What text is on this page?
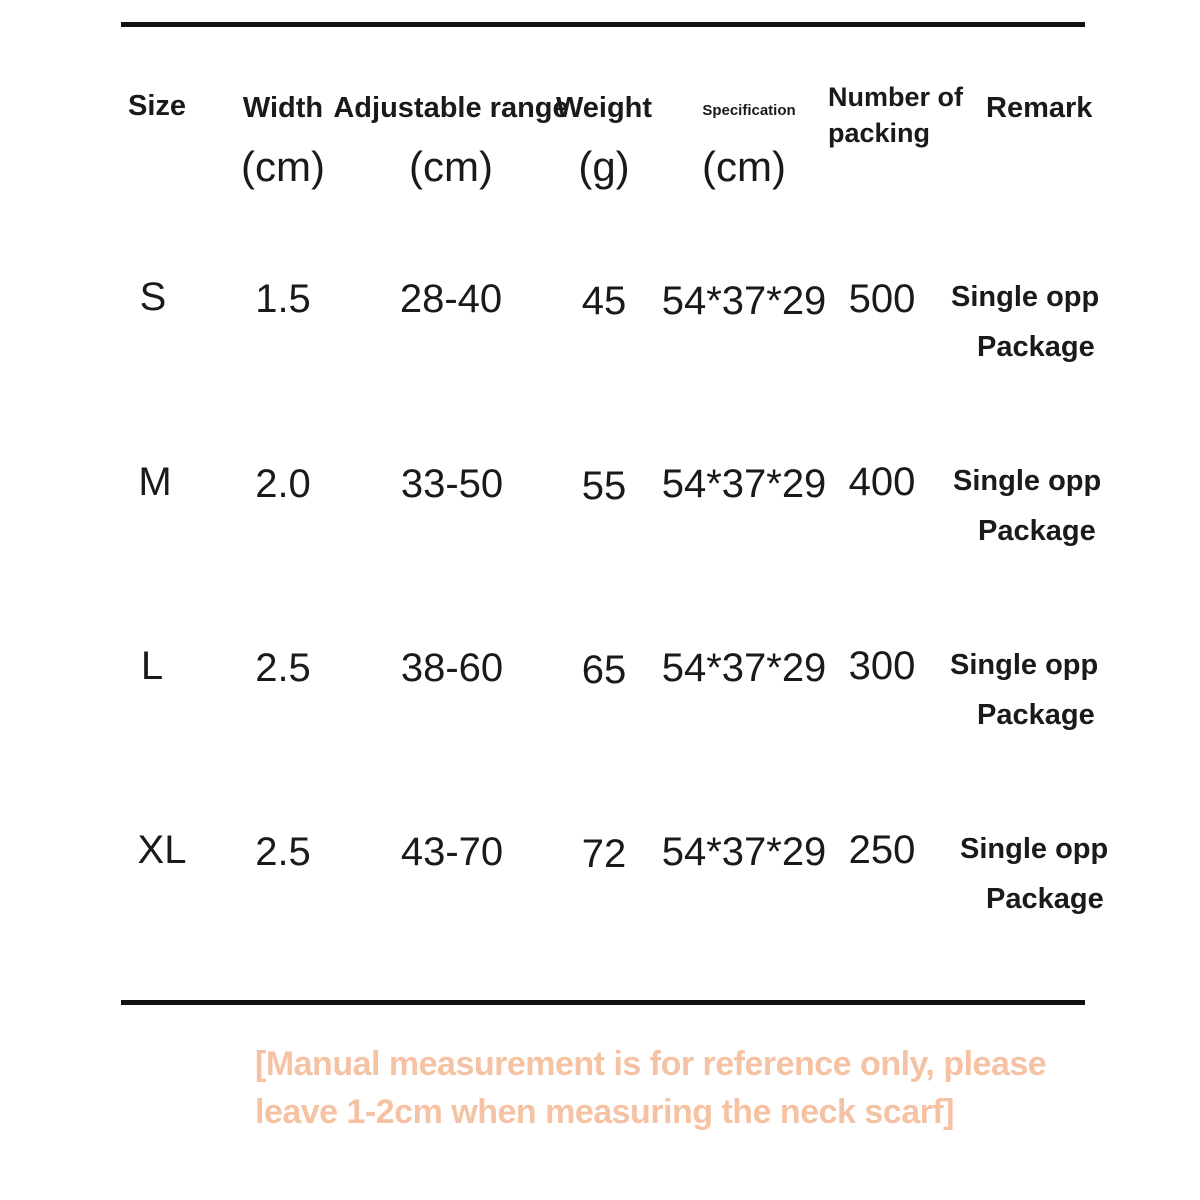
Size Width
(cm)
Adjustable range
(cm)
Weight
(g)
Specification
(cm)
Number of
packing
Remark
S 1.5 28-40 45 54*37*29 500 Single opp
Package
M 2.0 33-50 55 54*37*29 400 Single opp
Package
L 2.5 38-60 65 54*37*29 300 Single opp
Package
XL 2.5 43-70 72 54*37*29 250 Single opp
Package
[Manual measurement is for reference only, please leave 1-2cm when measuring the neck scarf]
